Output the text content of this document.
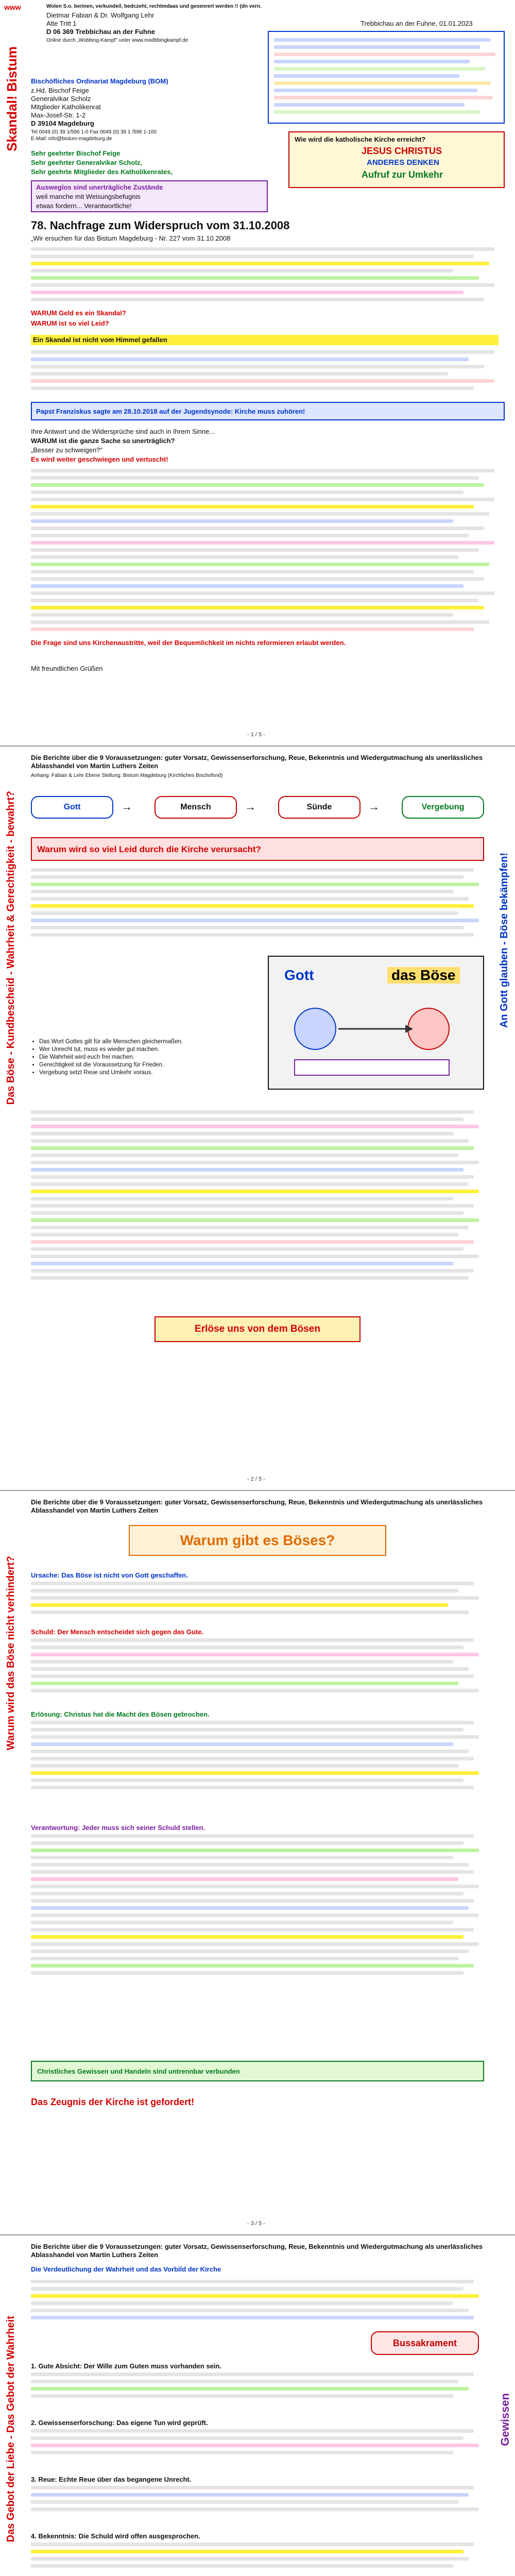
Wolen S.o. berinen, verkundeil, bedczeht, rechtmdaas und gesenrert werden !! (dn vern.
www
Dietmar Fabian & Dr. Wolfgang Lehr
Alte Tritt 1
D 06 369 Trebbichau an der Fuhne
Online durch „Wobbing-Kampf" unter www.modbbingkampf.de
Trebbichau an der Fuhne, 01.01.2023
Skandal! Bistum Bischöfliches Ordinariat Magdeburg (BOM)
z.Hd. Bischof Feige
Generalvikar Scholz
Mitglieder Katholikenrat
Max-Josef-Str. 1-2
D 39104 Magdeburg
Tel 0049 (0) 39 1/596 1-0 Fax 0049 (0) 39 1 /596 1-100
E-Mail: info@bistum-magdeburg.de
Sehr geehrter Bischof Feige
Sehr geehrter Generalvikar Scholz,
Sehr geehrte Mitglieder des Katholikenrates,
Wie wird die katholische Kirche erreicht?
JESUS CHRISTUS
ANDERES DENKEN
Aufruf zur Umkehr
Ausweglos sind unerträgliche Zustände
weil manche mit Weisungsbefugnis
etwas fordern... Verantwortliche!
78. Nachfrage zum Widerspruch vom 31.10.2008
„Wir ersuchen für das Bistum Magdeburg - Nr. 227 vom 31.10.2008
WARUM Geld es ein Skandal?
WARUM ist so viel Leid?
Ein Skandal ist nicht vom Himmel gefallen
Papst Franziskus sagte am 28.10.2018 auf der Jugendsynode: Kirche muss zuhören!
Ihre Antwort und die Widersprüche sind auch in Ihrem Sinne...
WARUM ist die ganze Sache so unerträglich?
„Besser zu schweigen?"
Es wird weiter geschwiegen und vertuscht!
Die Frage sind uns Kirchenaustritte, weil der Bequemlichkeit im nichts reformieren erlaubt werden.
Mit freundlichen Grüßen
- 1 / 5 -
Die Berichte über die 9 Voraussetzungen: guter Vorsatz, Gewissenserforschung, Reue, Bekenntnis und Wiedergutmachung als unerlässliches Ablasshandel von Martin Luthers Zeiten
Anhang: Fabian & Lehr Ebene Stellung: Bistum Magdeburg (Kirchliches Bischofsnd)
Das Böse - Kundbescheid - Wahrheit & Gerechtigkeit - bewahrt?	An Gott glauben - Böse bekämpfen!
Gott	Mensch	Sünde	Vergebung
→	→	→
Warum wird so viel Leid durch die Kirche verursacht?
Gott	das Böse
• Das Wort Gottes gilt für alle Menschen gleichermaßen.
• Wer Unrecht tut, muss es wieder gut machen.
• Die Wahrheit wird euch frei machen.
• Gerechtigkeit ist die Voraussetzung für Frieden.
• Vergebung setzt Reue und Umkehr voraus.
Erlöse uns von dem Bösen
- 2 / 5 -
Die Berichte über die 9 Voraussetzungen: guter Vorsatz, Gewissenserforschung, Reue, Bekenntnis und Wiedergutmachung als unerlässliches Ablasshandel von Martin Luthers Zeiten
Warum wird das Böse nicht verhindert?
Warum gibt es Böses?
Ursache: Das Böse ist nicht von Gott geschaffen.
Schuld: Der Mensch entscheidet sich gegen das Gute.
Erlösung: Christus hat die Macht des Bösen gebrochen.
Verantwortung: Jeder muss sich seiner Schuld stellen.
Christliches Gewissen und Handeln sind untrennbar verbunden
Das Zeugnis der Kirche ist gefordert!
- 3 / 5 -
Die Berichte über die 9 Voraussetzungen: guter Vorsatz, Gewissenserforschung, Reue, Bekenntnis und Wiedergutmachung als unerlässliches Ablasshandel von Martin Luthers Zeiten
Die Verdeutlichung der Wahrheit und das Vorbild der Kirche
Das Gebot der Liebe - Das Gebot der Wahrheit	Gewissen
Bussakrament
1. Gute Absicht: Der Wille zum Guten muss vorhanden sein.
2. Gewissenserforschung: Das eigene Tun wird geprüft.
3. Reue: Echte Reue über das begangene Unrecht.
4. Bekenntnis: Die Schuld wird offen ausgesprochen.
